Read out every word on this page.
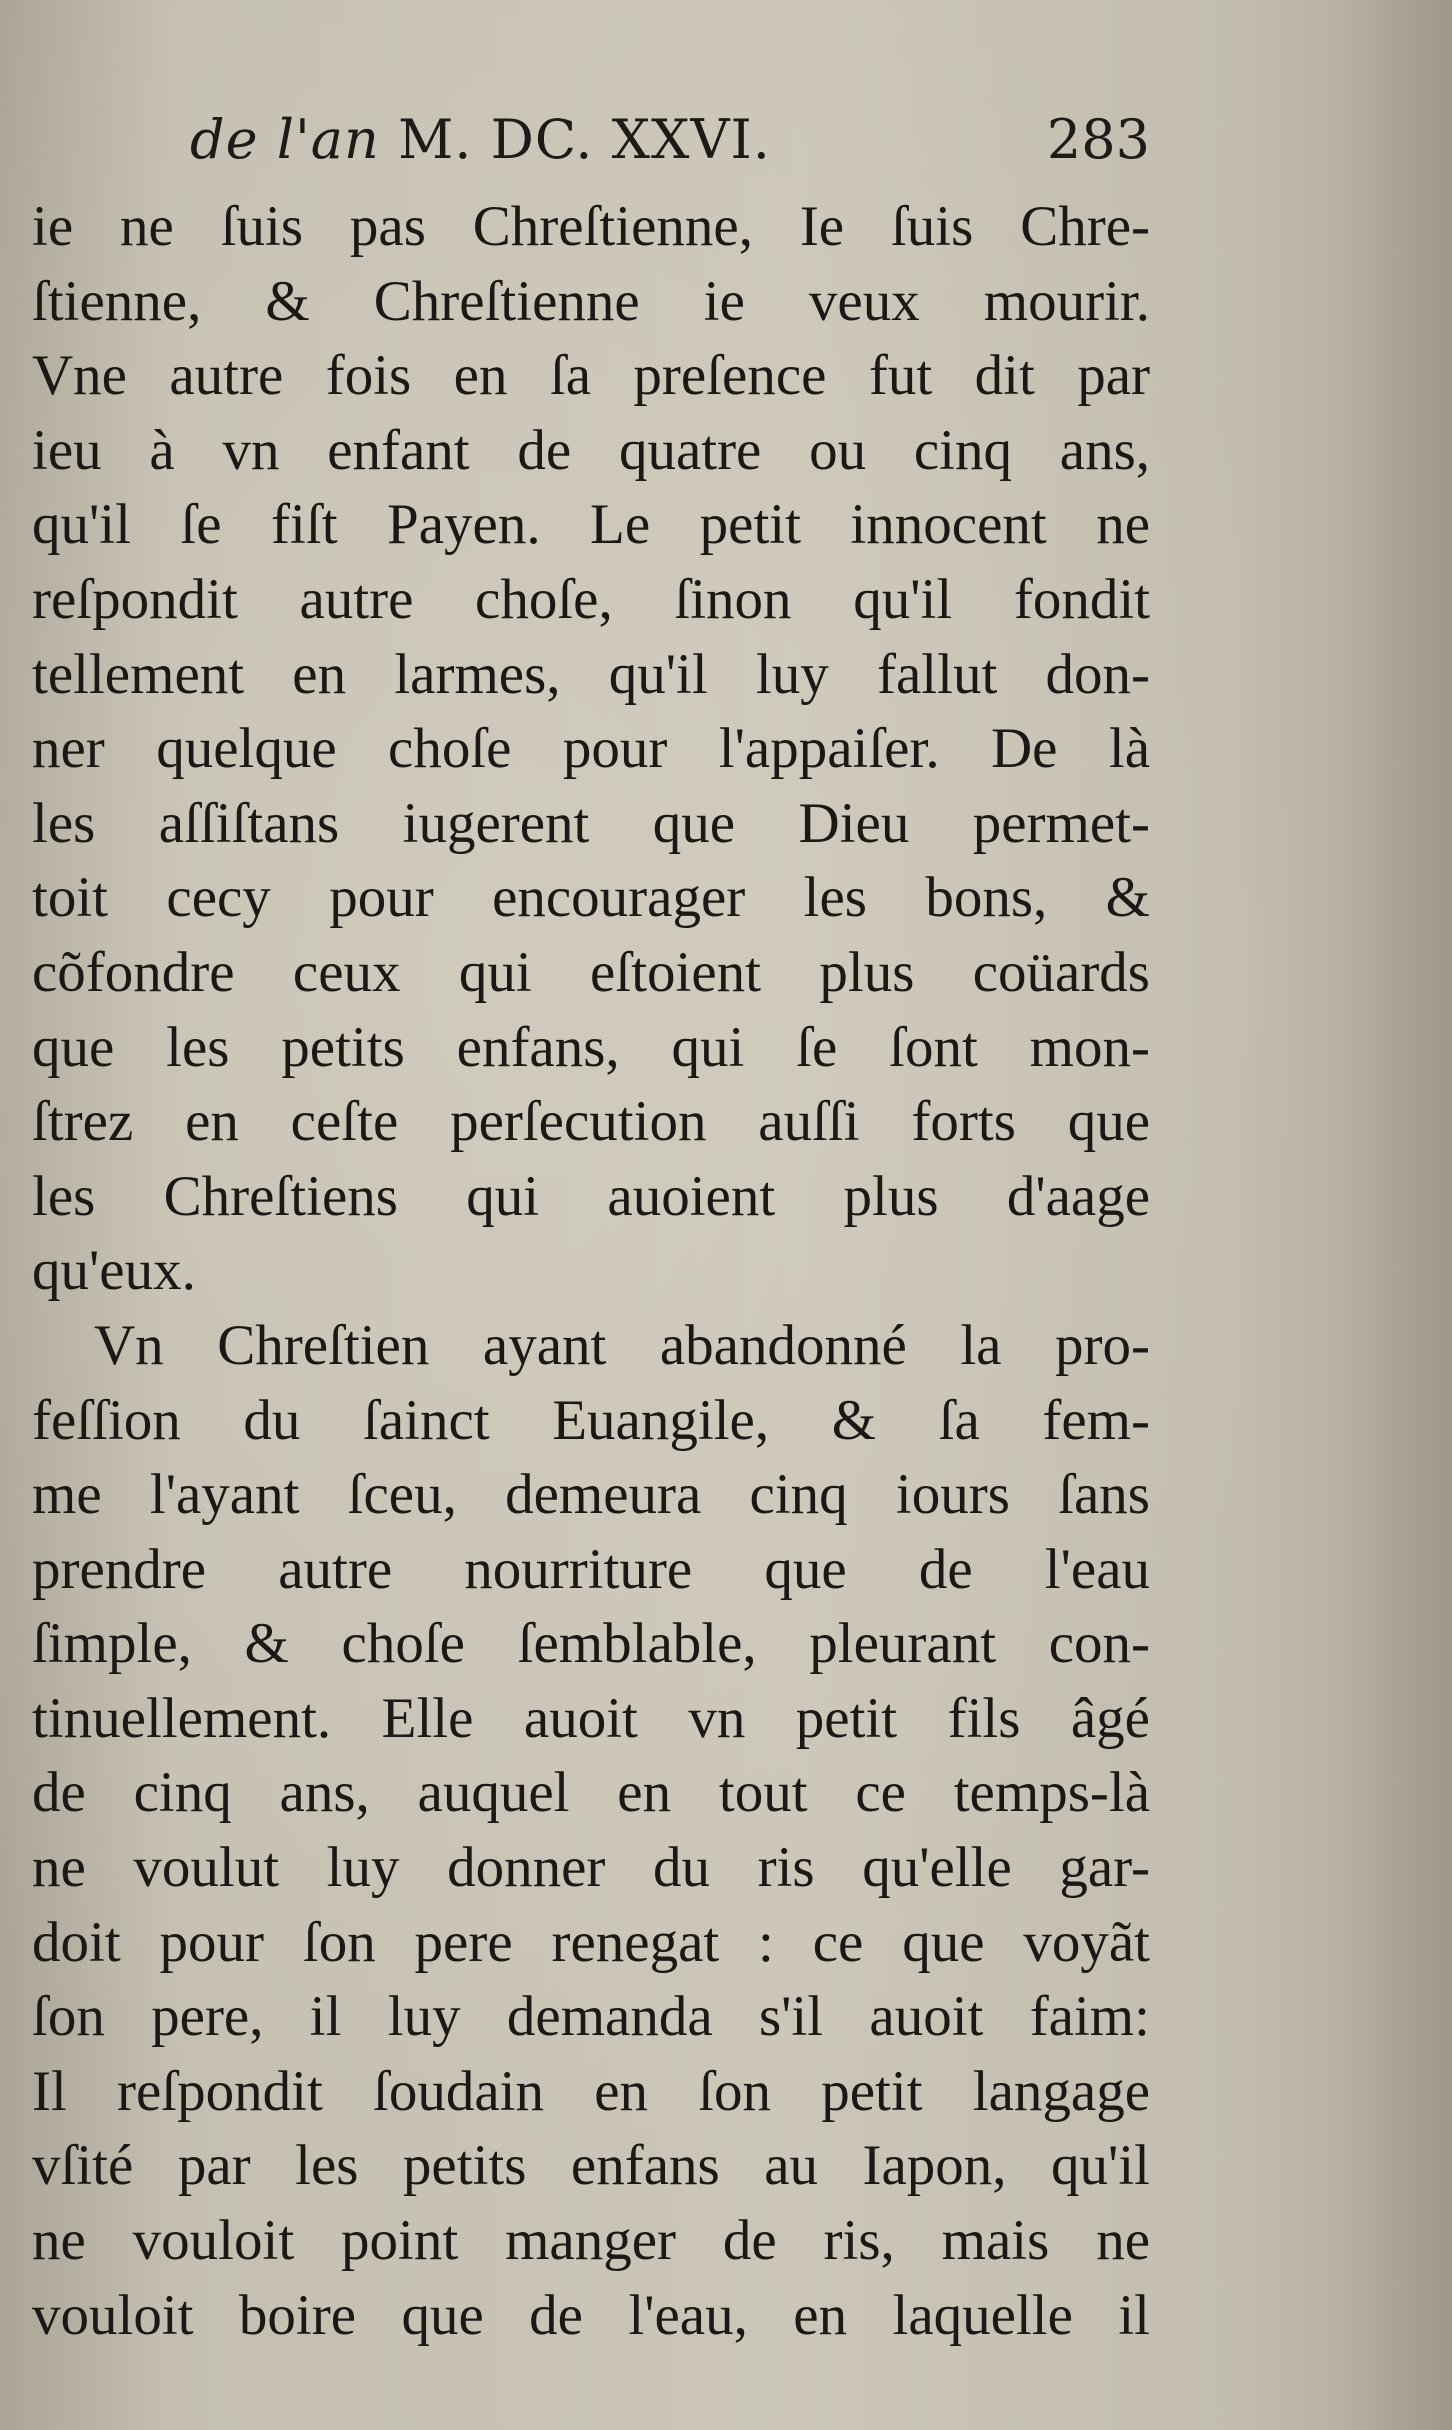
de l'an M. DC. XXVI.	283
ie ne ſuis pas Chreſtienne, Ie ſuis Chre-
ſtienne, & Chreſtienne ie veux mourir.
Vne autre fois en ſa preſence fut dit par
ieu à vn enfant de quatre ou cinq ans,
qu'il ſe fiſt Payen. Le petit innocent ne
reſpondit autre choſe, ſinon qu'il fondit
tellement en larmes, qu'il luy fallut don-
ner quelque choſe pour l'appaiſer. De là
les aſſiſtans iugerent que Dieu permet-
toit cecy pour encourager les bons, &
cõfondre ceux qui eſtoient plus coüards
que les petits enfans, qui ſe ſont mon-
ſtrez en ceſte perſecution auſſi forts que
les Chreſtiens qui auoient plus d'aage
qu'eux.
Vn Chreſtien ayant abandonné la pro-
feſſion du ſainct Euangile, & ſa fem-
me l'ayant ſceu, demeura cinq iours ſans
prendre autre nourriture que de l'eau
ſimple, & choſe ſemblable, pleurant con-
tinuellement. Elle auoit vn petit fils âgé
de cinq ans, auquel en tout ce temps-là
ne voulut luy donner du ris qu'elle gar-
doit pour ſon pere renegat : ce que voyãt
ſon pere, il luy demanda s'il auoit faim:
Il reſpondit ſoudain en ſon petit langage
vſité par les petits enfans au Iapon, qu'il
ne vouloit point manger de ris, mais ne
vouloit boire que de l'eau, en laquelle il
